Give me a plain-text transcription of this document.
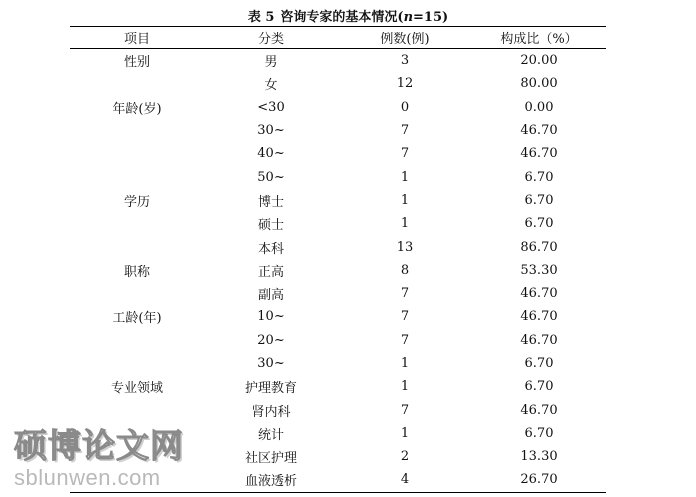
表 5 咨询专家的基本情况(n=15)
项目	分类	例数(例)	构成比（%）
性别	男	3	20.00
女	12	80.00
年龄(岁)	<30	0	0.00
30~	7	46.70
40~	7	46.70
50~	1	6.70
学历	博士	1	6.70
硕士	1	6.70
本科	13	86.70
职称	正高	8	53.30
副高	7	46.70
工龄(年)	10~	7	46.70
20~	7	46.70
30~	1	6.70
专业领域	护理教育	1	6.70
肾内科	7	46.70
统计	1	6.70
社区护理	2	13.30
血液透析	4	26.70
硕博论文网
sblunwen.com
